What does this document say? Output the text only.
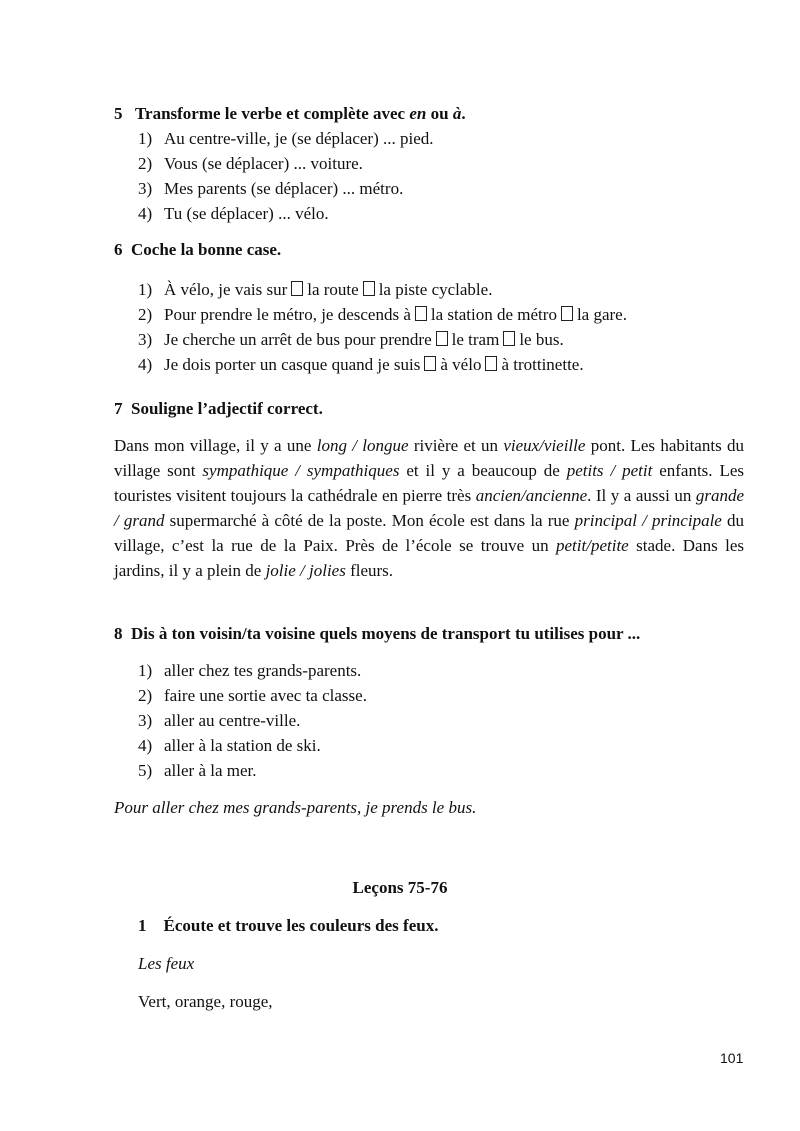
5 Transforme le verbe et complète avec en ou à.

1) Au centre-ville, je (se déplacer) ... pied.
2) Vous (se déplacer) ... voiture.
3) Mes parents (se déplacer) ... métro.
4) Tu (se déplacer) ... vélo.

6 Coche la bonne case.

1) À vélo, je vais sur la route la piste cyclable.
2) Pour prendre le métro, je descends à la station de métro la gare.
3) Je cherche un arrêt de bus pour prendre le tram le bus.
4) Je dois porter un casque quand je suis à vélo à trottinette.

7 Souligne l’adjectif correct.

Dans mon village, il y a une long / longue rivière et un vieux/vieille pont. Les habitants du village sont sympathique / sympathiques et il y a beaucoup de petits / petit enfants. Les touristes visitent toujours la cathédrale en pierre très ancien/ancienne. Il y a aussi un grande / grand supermarché à côté de la poste. Mon école est dans la rue principal / principale du village, c’est la rue de la Paix. Près de l’école se trouve un petit/petite stade. Dans les jardins, il y a plein de jolie / jolies fleurs.

8 Dis à ton voisin/ta voisine quels moyens de transport tu utilises pour ...

1) aller chez tes grands-parents.
2) faire une sortie avec ta classe.
3) aller au centre-ville.
4) aller à la station de ski.
5) aller à la mer.

Pour aller chez mes grands-parents, je prends le bus.

Leçons 75-76

1 Écoute et trouve les couleurs des feux.

Les feux

Vert, orange, rouge,

101
